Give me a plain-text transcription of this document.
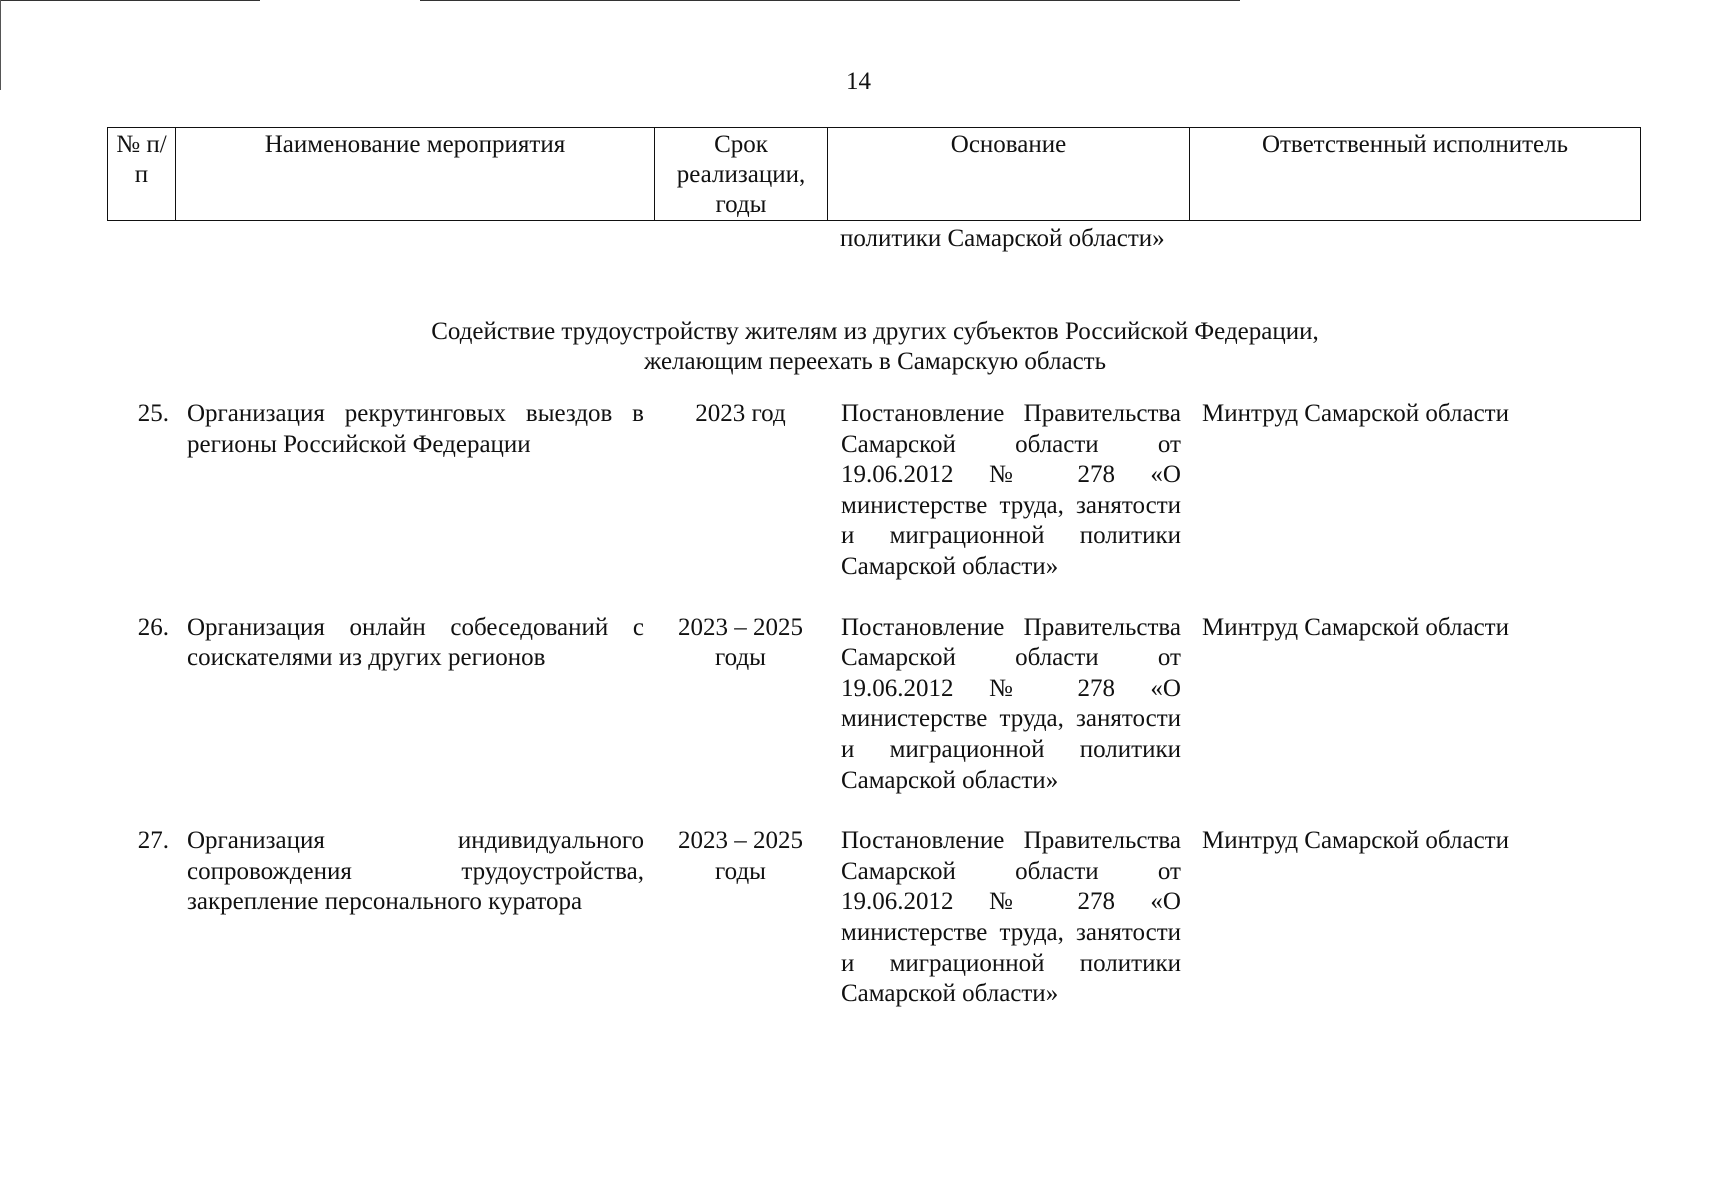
14
№ п/п	Наименование мероприятия	Срок реализации, годы	Основание	Ответственный исполнитель
политики Самарской области»
Содействие трудоустройству жителям из других субъектов Российской Федерации,
желающим переехать в Самарскую область
25.	Организация рекрутинговых выездов в регионы Российской Федерации	2023 год	Постановление Правительства Самарской области от 19.06.2012 № 278 «О министерстве труда, занятости и миграционной политики Самарской области»	Минтруд Самарской области
26.	Организация онлайн собеседований с соискателями из других регионов	2023 – 2025 годы	Постановление Правительства Самарской области от 19.06.2012 № 278 «О министерстве труда, занятости и миграционной политики Самарской области»	Минтруд Самарской области
27.	Организация индивидуального сопровождения трудоустройства, закрепление персонального куратора	2023 – 2025 годы	Постановление Правительства Самарской области от 19.06.2012 № 278 «О министерстве труда, занятости и миграционной политики Самарской области»	Минтруд Самарской области
